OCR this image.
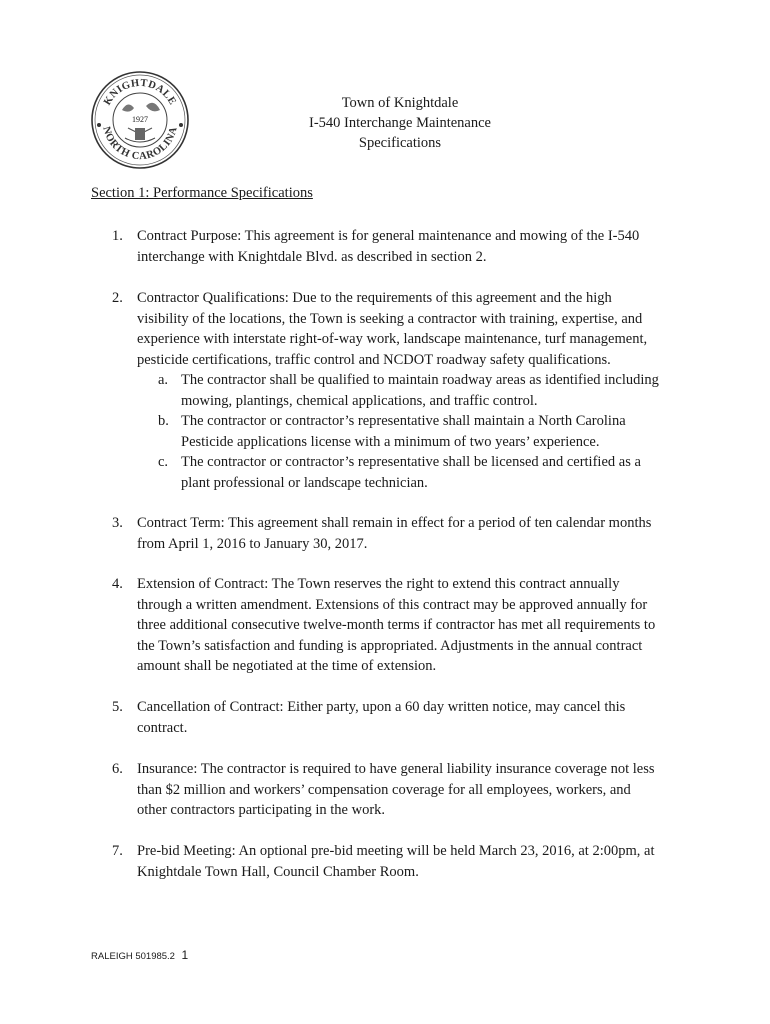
KNIGHTDALE
NORTH CAROLINA
1927
Town of Knightdale
I-540 Interchange Maintenance
Specifications
Section 1: Performance Specifications
1. Contract Purpose: This agreement is for general maintenance and mowing of the I-540
interchange with Knightdale Blvd. as described in section 2.
2. Contractor Qualifications: Due to the requirements of this agreement and the high
visibility of the locations, the Town is seeking a contractor with training, expertise, and
experience with interstate right-of-way work, landscape maintenance, turf management,
pesticide certifications, traffic control and NCDOT roadway safety qualifications.
a. The contractor shall be qualified to maintain roadway areas as identified including
mowing, plantings, chemical applications, and traffic control.
b. The contractor or contractor’s representative shall maintain a North Carolina
Pesticide applications license with a minimum of two years’ experience.
c. The contractor or contractor’s representative shall be licensed and certified as a
plant professional or landscape technician.
3. Contract Term: This agreement shall remain in effect for a period of ten calendar months
from April 1, 2016 to January 30, 2017.
4. Extension of Contract: The Town reserves the right to extend this contract annually
through a written amendment. Extensions of this contract may be approved annually for
three additional consecutive twelve-month terms if contractor has met all requirements to
the Town’s satisfaction and funding is appropriated. Adjustments in the annual contract
amount shall be negotiated at the time of extension.
5. Cancellation of Contract: Either party, upon a 60 day written notice, may cancel this
contract.
6. Insurance: The contractor is required to have general liability insurance coverage not less
than $2 million and workers’ compensation coverage for all employees, workers, and
other contractors participating in the work.
7. Pre-bid Meeting: An optional pre-bid meeting will be held March 23, 2016, at 2:00pm, at
Knightdale Town Hall, Council Chamber Room.
RALEIGH 501985.2 1
